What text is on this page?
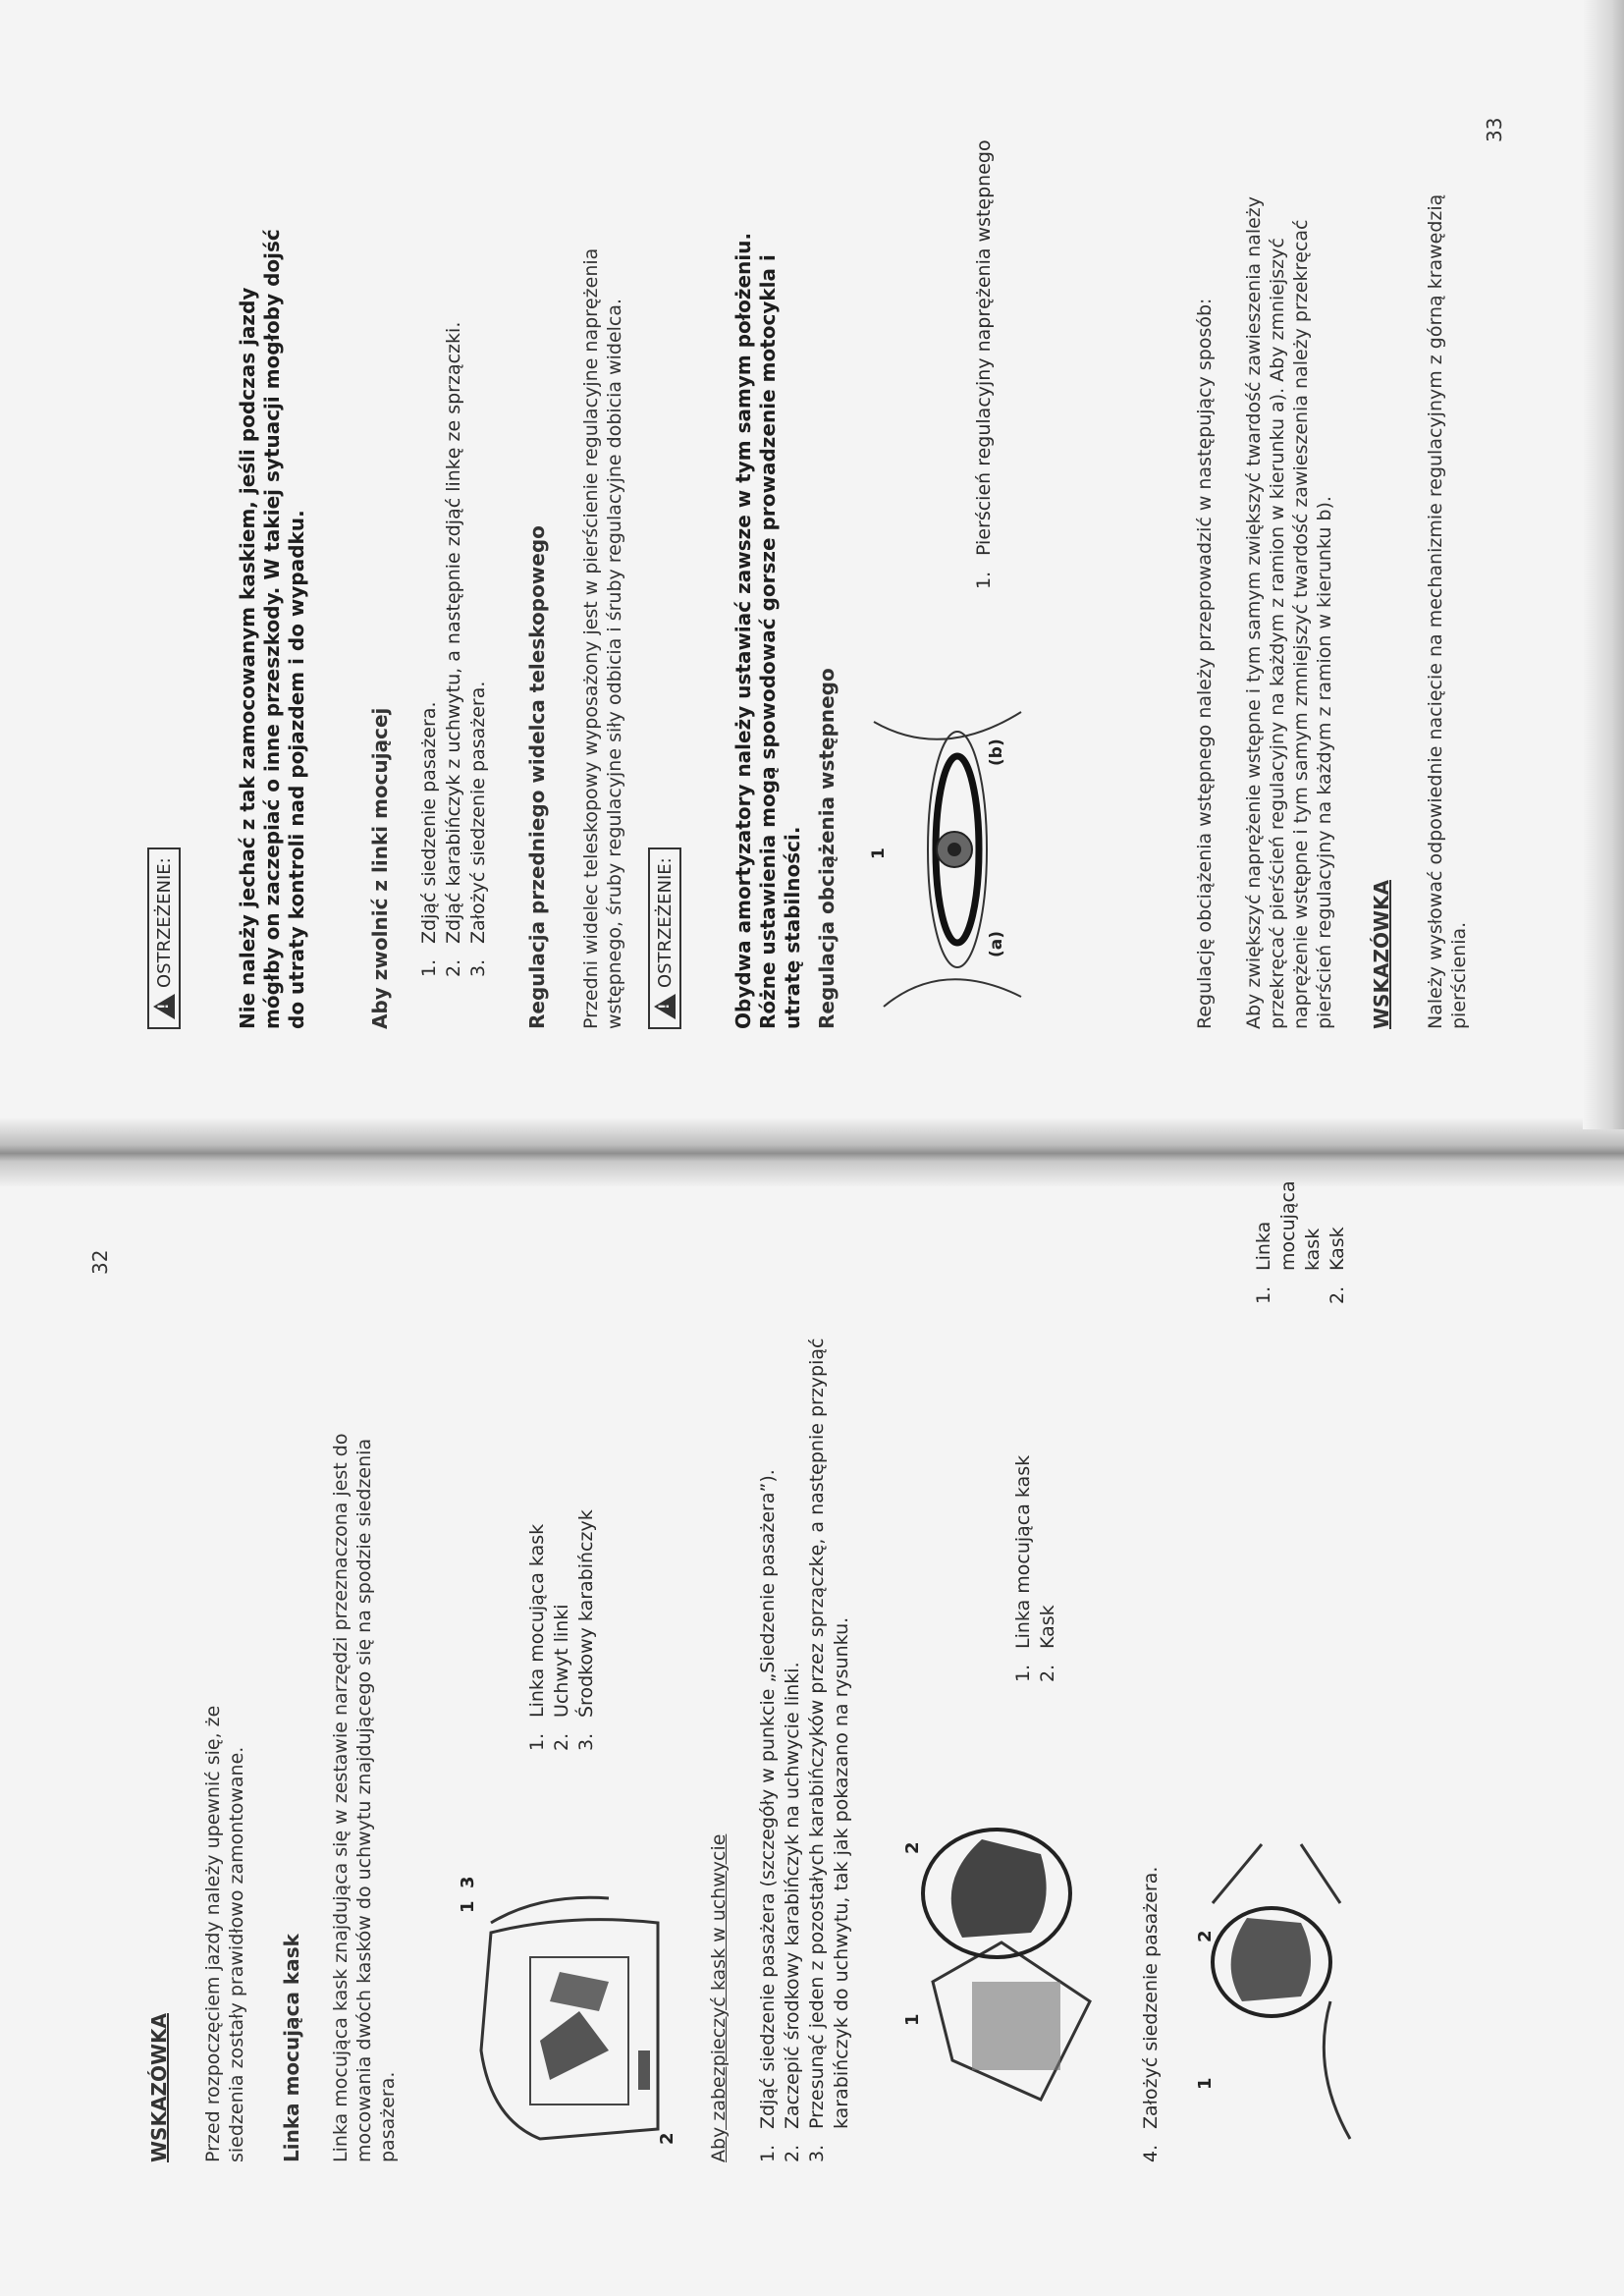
32
WSKAZÓWKA Przed rozpoczęciem jazdy należy upewnić się, że siedzenia zostały prawidłowo zamontowane. Linka mocująca kask Linka mocująca kask znajdująca się w zestawie narzędzi przeznaczona jest do mocowania dwóch kasków do uchwytu znajdującego się na spodzie siedzenia pasażera.	2
1
3
1.
Linka mocująca kask
2.
Uchwyt linki
3.
Środkowy karabińczyk
Aby zabezpieczyć kask w uchwycie 1.
Zdjąć siedzenie pasażera (szczegóły w punkcie „Siedzenie pasażera”).
2.
Zaczepić środkowy karabińczyk na uchwycie linki.
3.
Przesunąć jeden z pozostałych karabińczyków przez sprzączkę, a następnie przypiąć karabińczyk do uchwytu, tak jak pokazano na rysunku.	1
2
1.
Linka mocująca kask
2.
Kask
4.
Założyć siedzenie pasażera. 1
2
1.
Linka mocująca kask
2.
Kask
33
!
OSTRZEŻENIE:	Nie należy jechać z tak zamocowanym kaskiem, jeśli podczas jazdy mógłby on zaczepiać o inne przeszkody. W takiej sytuacji mogłoby dojść do utraty kontroli nad pojazdem i do wypadku.	Aby zwolnić z linki mocującej 1.
Zdjąć siedzenie pasażera.
2.
Zdjąć karabińczyk z uchwytu, a następnie zdjąć linkę ze sprzączki.
3.
Założyć siedzenie pasażera. Regulacja przedniego widelca teleskopowego Przedni widelec teleskopowy wyposażony jest w pierścienie regulacyjne naprężenia wstępnego, śruby regulacyjne siły odbicia i śruby regulacyjne dobicia widelca.
! OSTRZEŻENIE:	Obydwa amortyzatory należy ustawiać zawsze w tym samym położeniu. Różne ustawienia mogą spowodować gorsze prowadzenie motocykla i utratę stabilności. Regulacja obciążenia wstępnego	(a)
(b)
1
1.
Pierścień regulacyjny naprężenia wstępnego	Regulację obciążenia wstępnego należy przeprowadzić w następujący sposób: Aby zwiększyć naprężenie wstępne i tym samym zwiększyć twardość zawieszenia należy przekręcać pierścień regulacyjny na każdym z ramion w kierunku a). Aby zmniejszyć naprężenie wstępne i tym samym zmniejszyć twardość zawieszenia należy przekręcać pierścień regulacyjny na każdym z ramion w kierunku b). WSKAZÓWKA Należy wysłować odpowiednie nacięcie na mechanizmie regulacyjnym z górną krawędzią pierścienia.
